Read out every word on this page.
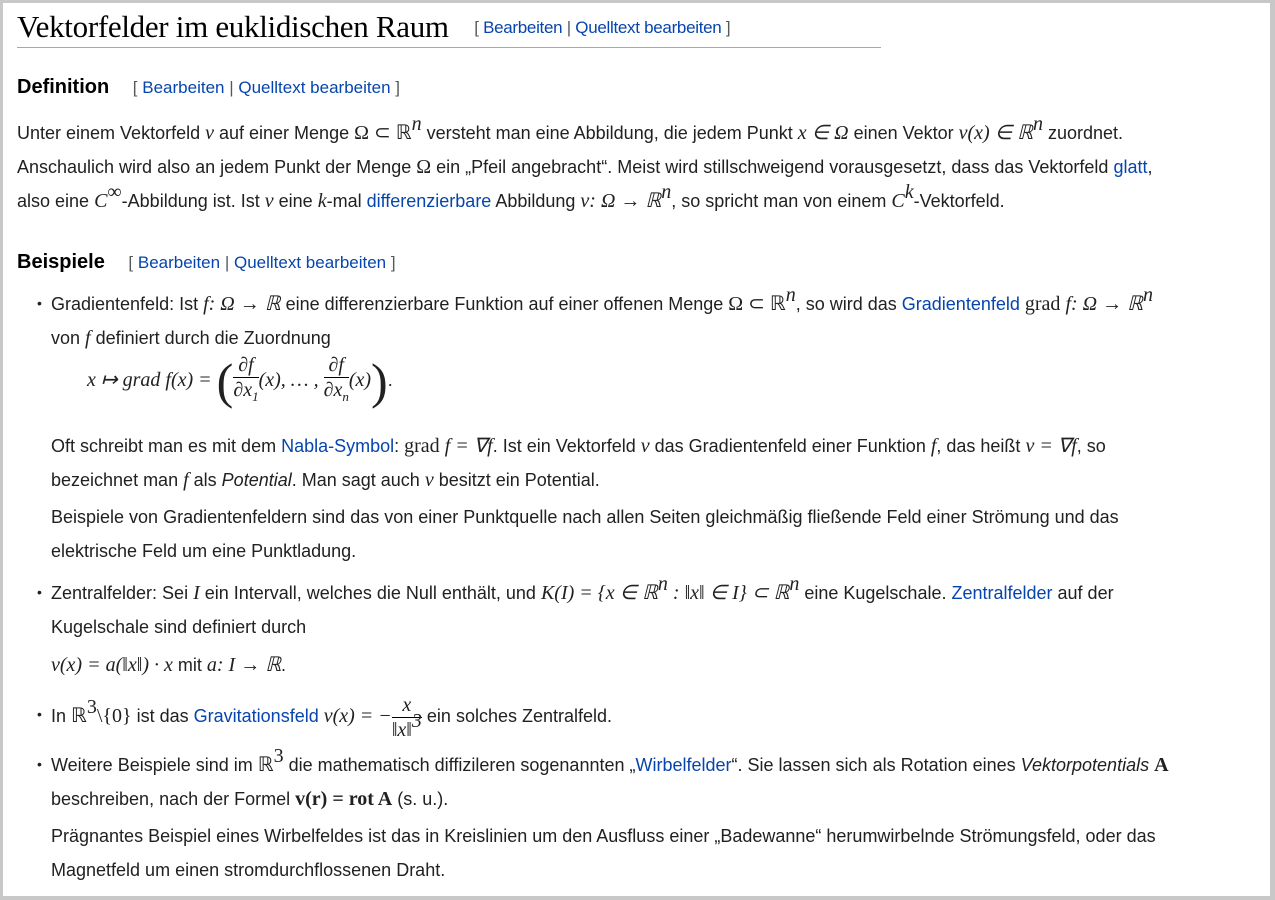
Vektorfelder im euklidischen Raum [ Bearbeiten | Quelltext bearbeiten ]
Definition [ Bearbeiten | Quelltext bearbeiten ]
Unter einem Vektorfeld v auf einer Menge Ω ⊂ ℝ$^n$ versteht man eine Abbildung, die jedem Punkt x ∈ Ω einen Vektor v(x) ∈ ℝ$^n$ zuordnet.
Anschaulich wird also an jedem Punkt der Menge Ω ein „Pfeil angebracht“. Meist wird stillschweigend vorausgesetzt, dass das Vektorfeld glatt,
also eine C∞-Abbildung ist. Ist v eine k-mal differenzierbare Abbildung v: Ω → ℝ$^n$, so spricht man von einem $C^k$-Vektorfeld.
Beispiele [ Bearbeiten | Quelltext bearbeiten ]
• Gradientenfeld: Ist f: Ω → ℝ eine differenzierbare Funktion auf einer offenen Menge Ω ⊂ ℝ$^n$, so wird das Gradientenfeld grad f: Ω → ℝ$^n$
von f definiert durch die Zuordnung
x ↦ grad f(x) = ( $\frac{\partial f}{\partial x_1} (x)$, … , $\frac{\partial f}{\partial x_n} (x)$).
Oft schreibt man es mit dem Nabla-Symbol: grad f = ∇f. Ist ein Vektorfeld v das Gradientenfeld einer Funktion f, das heißt v = ∇f, so
bezeichnet man f als Potential. Man sagt auch v besitzt ein Potential.
Beispiele von Gradientenfeldern sind das von einer Punktquelle nach allen Seiten gleichmäßig fließende Feld einer Strömung und das
elektrische Feld um eine Punktladung.
• Zentralfelder: Sei I ein Intervall, welches die Null enthält, und K(I) = {x ∈ ℝ$^n$ : ‖x‖ ∈ I} ⊂ ℝ$^n$ eine Kugelschale. Zentralfelder auf der
Kugelschale sind definiert durch
v(x) = a(‖x‖) · x mit a: I → ℝ.
• In ℝ$^3$\{0} ist das Gravitationsfeld v(x) = − $\frac{x}{‖x‖^3}$ ein solches Zentralfeld.
• Weitere Beispiele sind im ℝ$^3$ die mathematisch diffizileren sogenannten „Wirbelfelder“. Sie lassen sich als Rotation eines Vektorpotentials A
beschreiben, nach der Formel v(r) = rot A (s. u.).
Prägnantes Beispiel eines Wirbelfeldes ist das in Kreislinien um den Ausfluss einer „Badewanne“ herumwirbelnde Strömungsfeld, oder das
Magnetfeld um einen stromdurchflossenen Draht.
